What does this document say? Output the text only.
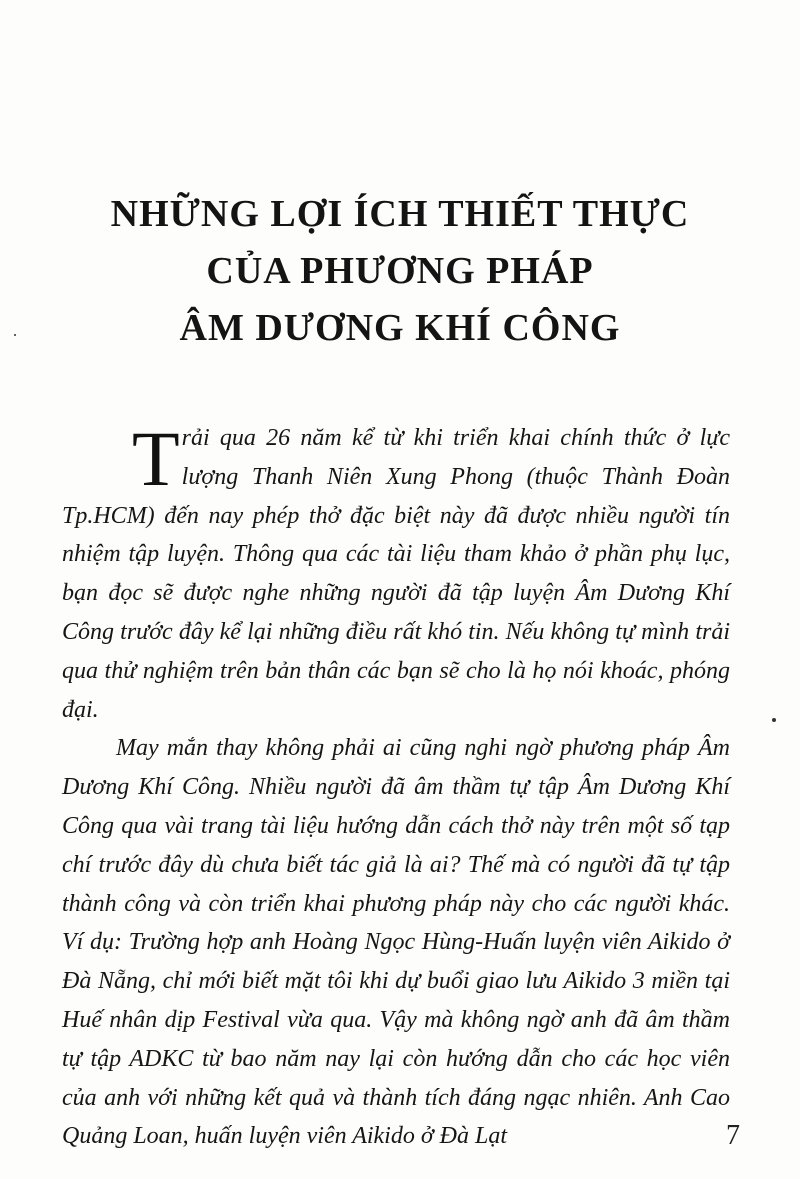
NHỮNG LỢI ÍCH THIẾT THỰC
CỦA PHƯƠNG PHÁP
ÂM DƯƠNG KHÍ CÔNG

Trải qua 26 năm kể từ khi triển khai chính thức ở lực lượng Thanh Niên Xung Phong (thuộc Thành Đoàn Tp.HCM) đến nay phép thở đặc biệt này đã được nhiều người tín nhiệm tập luyện. Thông qua các tài liệu tham khảo ở phần phụ lục, bạn đọc sẽ được nghe những người đã tập luyện Âm Dương Khí Công trước đây kể lại những điều rất khó tin. Nếu không tự mình trải qua thử nghiệm trên bản thân các bạn sẽ cho là họ nói khoác, phóng đại.

May mắn thay không phải ai cũng nghi ngờ phương pháp Âm Dương Khí Công. Nhiều người đã âm thầm tự tập Âm Dương Khí Công qua vài trang tài liệu hướng dẫn cách thở này trên một số tạp chí trước đây dù chưa biết tác giả là ai? Thế mà có người đã tự tập thành công và còn triển khai phương pháp này cho các người khác. Ví dụ: Trường hợp anh Hoàng Ngọc Hùng-Huấn luyện viên Aikido ở Đà Nẵng, chỉ mới biết mặt tôi khi dự buổi giao lưu Aikido 3 miền tại Huế nhân dịp Festival vừa qua. Vậy mà không ngờ anh đã âm thầm tự tập ADKC từ bao năm nay lại còn hướng dẫn cho các học viên của anh với những kết quả và thành tích đáng ngạc nhiên. Anh Cao Quảng Loan, huấn luyện viên Aikido ở Đà Lạt	7
